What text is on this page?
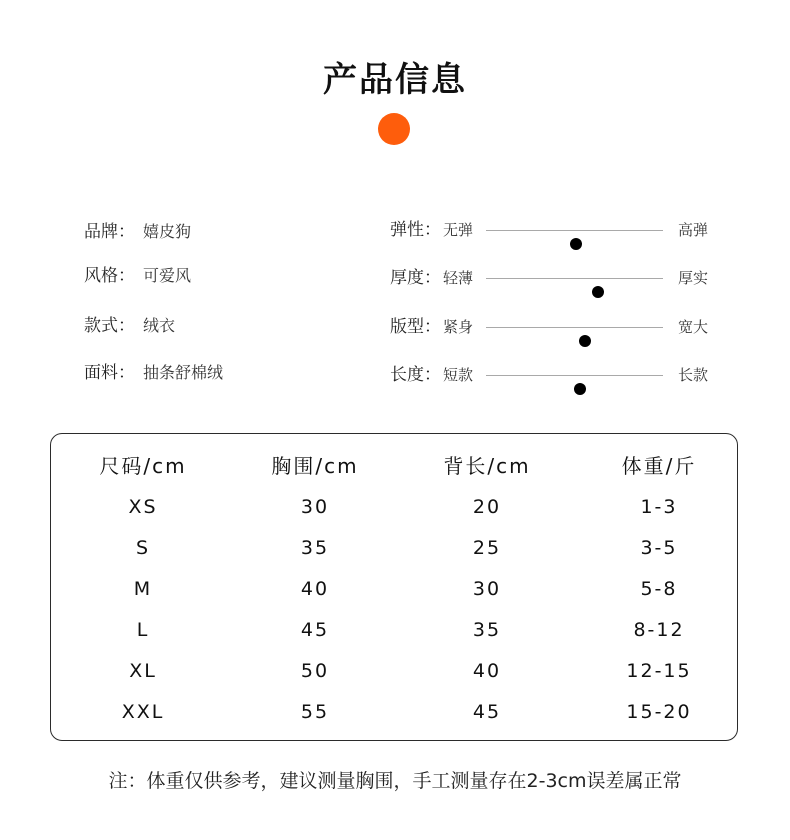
产品信息
品牌： 嬉皮狗
风格： 可爱风
款式： 绒衣
面料： 抽条舒棉绒
弹性： 无弹	高弹
厚度： 轻薄	厚实
版型： 紧身	宽大
长度： 短款	长款
尺码/cm	胸围/cm	背长/cm	体重/斤
XS	30	20	1-3
S	35	25	3-5
M	40	30	5-8
L	45	35	8-12
XL	50	40	12-15
XXL	55	45	15-20
注：体重仅供参考，建议测量胸围，手工测量存在2-3cm误差属正常
